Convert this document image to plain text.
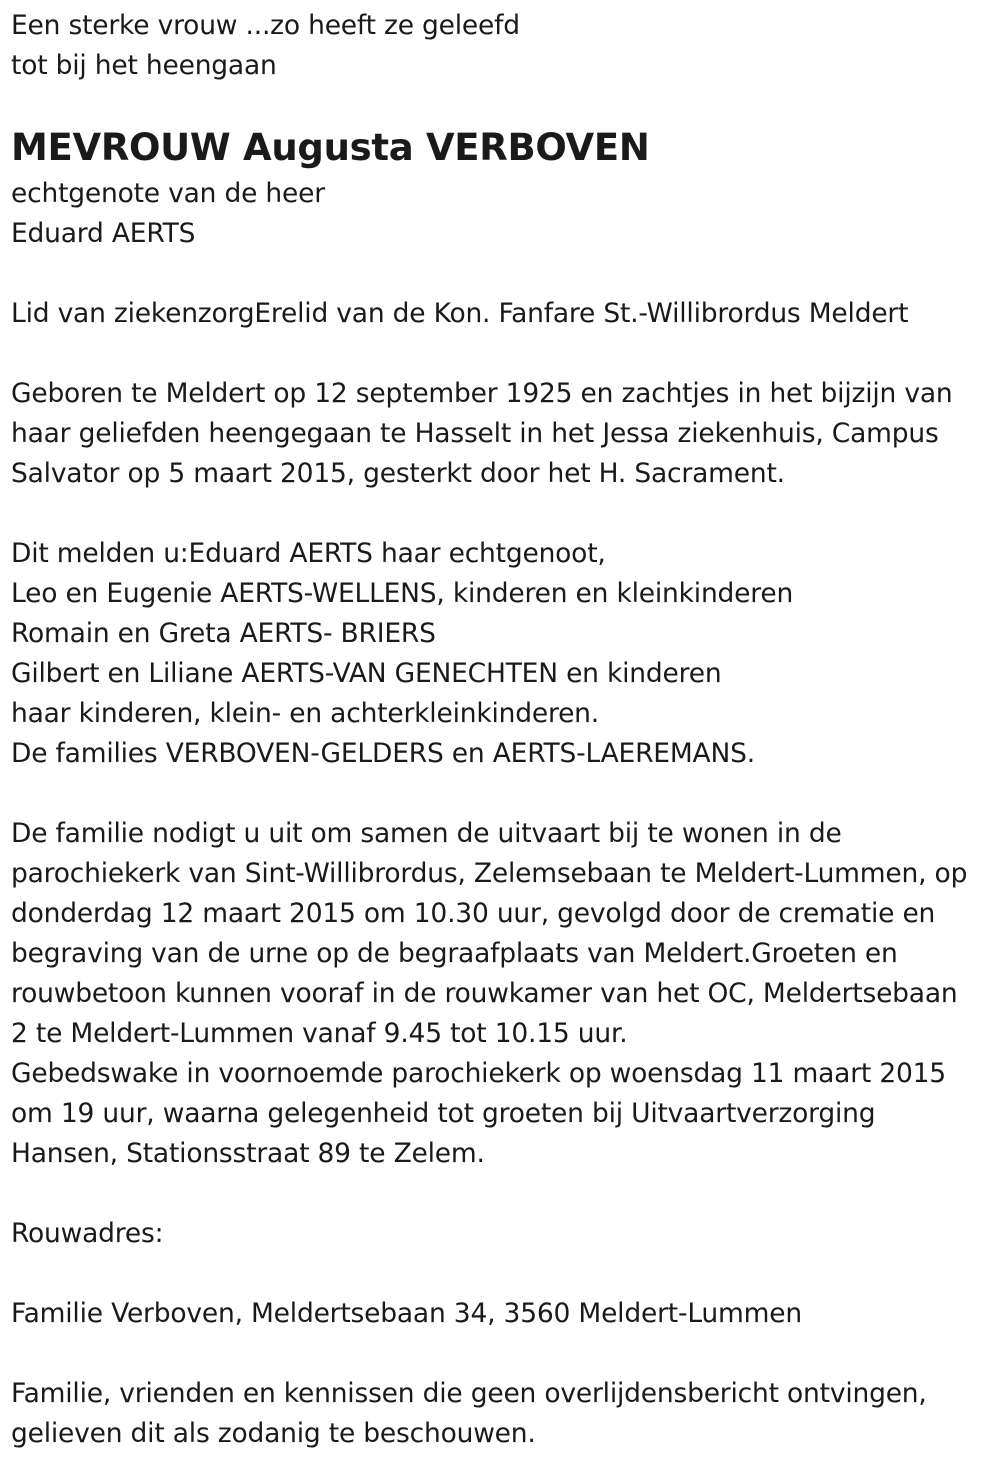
Een sterke vrouw ...zo heeft ze geleefd
tot bij het heengaan
MEVROUW Augusta VERBOVEN
echtgenote van de heer
Eduard AERTS
Lid van ziekenzorgErelid van de Kon. Fanfare St.-Willibrordus Meldert
Geboren te Meldert op 12 september 1925 en zachtjes in het bijzijn van
haar geliefden heengegaan te Hasselt in het Jessa ziekenhuis, Campus
Salvator op 5 maart 2015, gesterkt door het H. Sacrament.
Dit melden u:Eduard AERTS haar echtgenoot,
Leo en Eugenie AERTS-WELLENS, kinderen en kleinkinderen
Romain en Greta AERTS- BRIERS
Gilbert en Liliane AERTS-VAN GENECHTEN en kinderen
haar kinderen, klein- en achterkleinkinderen.
De families VERBOVEN-GELDERS en AERTS-LAEREMANS.
De familie nodigt u uit om samen de uitvaart bij te wonen in de
parochiekerk van Sint-Willibrordus, Zelemsebaan te Meldert-Lummen, op
donderdag 12 maart 2015 om 10.30 uur, gevolgd door de crematie en
begraving van de urne op de begraafplaats van Meldert.Groeten en
rouwbetoon kunnen vooraf in de rouwkamer van het OC, Meldertsebaan
2 te Meldert-Lummen vanaf 9.45 tot 10.15 uur.
Gebedswake in voornoemde parochiekerk op woensdag 11 maart 2015
om 19 uur, waarna gelegenheid tot groeten bij Uitvaartverzorging
Hansen, Stationsstraat 89 te Zelem.
Rouwadres:
Familie Verboven, Meldertsebaan 34, 3560 Meldert-Lummen
Familie, vrienden en kennissen die geen overlijdensbericht ontvingen,
gelieven dit als zodanig te beschouwen.
